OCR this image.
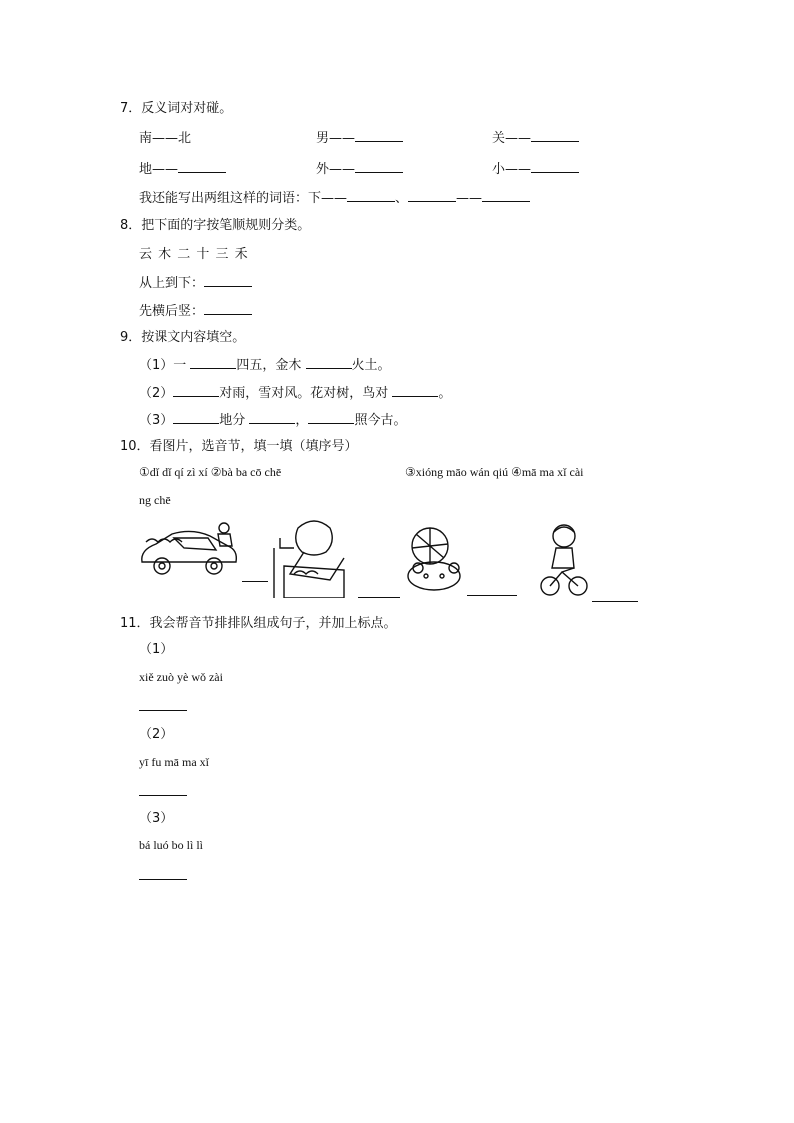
7．反义词对对碰。
南——北	男——	关——
地——	外——	小——
我还能写出两组这样的词语：下——	、	——
8．把下面的字按笔顺规则分类。
云 木 二 十 三 禾
从上到下：
先横后竖：
9．按课文内容填空。
（1）一	四五，金木	火土。
（2）	对雨，雪对风。花对树，鸟对	。
（3）	地分	，	照今古。
10．看图片，选音节，填一填（填序号）
①dǐ dǐ qí zì xí ②bà ba cō chē	③xióng māo wán qiú ④mā ma xǐ cài
ng chē
11．我会帮音节排排队组成句子，并加上标点。
（1）
xiě zuò yè wǒ zài
（2）
yī fu mā ma xǐ
（3）
bá luó bo lì lì
